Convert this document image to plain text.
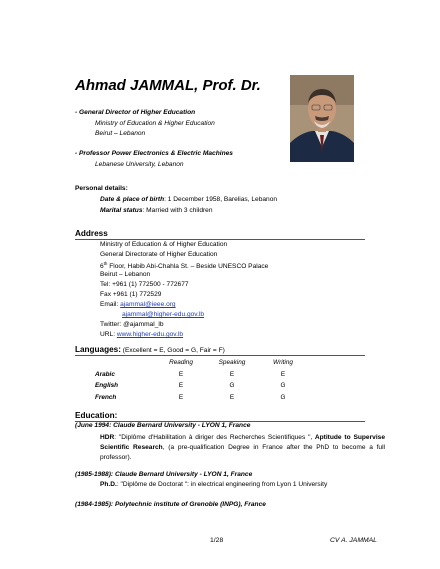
Ahmad JAMMAL, Prof. Dr.
- General Director of Higher Education
Ministry of Education & Higher Education
Beirut – Lebanon
- Professor Power Electronics & Electric Machines
Lebanese University, Lebanon
Personal details:
Date & place of birth: 1 December 1958, Barelias, Lebanon
Marital status: Married with 3 children
Address
Ministry of Education & of Higher Education
General Directorate of Higher Education
6th Floor, Habib Abi-Chahla St. – Beside UNESCO Palace
Beirut – Lebanon
Tel: +961 (1) 772500 - 772677
Fax +961 (1) 772529
Email: ajammal@ieee.org
ajammal@higher-edu.gov.lb
Twitter: @ajammal_lb
URL: www.higher-edu.gov.lb
Languages: (Excellent = E, Good = G, Fair = F)
	Reading	Speaking	Writing
Arabic	E	E	E
English	E	G	G
French	E	E	G
Education:
(June 1994: Claude Bernard University - LYON 1, France
HDR: "Diplôme d'Habilitation à diriger des Recherches Scientifiques ", Aptitude to Supervise Scientific Research, (a pre-qualification Degree in France after the PhD to become a full professor).
(1985-1988): Claude Bernard University - LYON 1, France
Ph.D.: "Diplôme de Doctorat ": in electrical engineering from Lyon 1 University
(1984-1985): Polytechnic institute of Grenoble (INPG), France
1/28	CV A. JAMMAL
